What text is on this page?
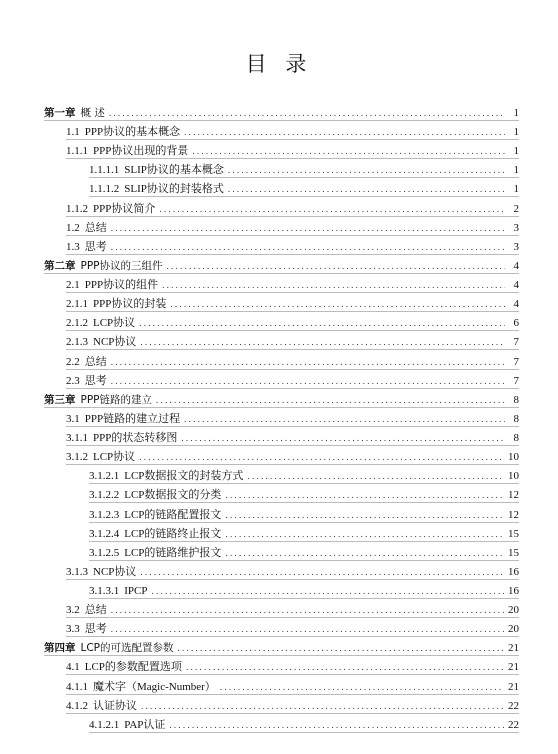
目 录
第一章 概 述 . . .	1
1.1 PPP协议的基本概念 . . .	1
1.1.1 PPP协议出现的背景 . . .	1
1.1.1.1 SLIP协议的基本概念 . . .	1
1.1.1.2 SLIP协议的封装格式 . . .	1
1.1.2 PPP协议简介 . . .	2
1.2 总结 . . .	3
1.3 思考 . . .	3
第二章 PPP协议的三组件 . . .	4
2.1 PPP协议的组件 . . .	4
2.1.1 PPP协议的封装 . . .	4
2.1.2 LCP协议 . . .	6
2.1.3 NCP协议 . . .	7
2.2 总结 . . .	7
2.3 思考 . . .	7
第三章 PPP链路的建立 . . .	8
3.1 PPP链路的建立过程 . . .	8
3.1.1 PPP的状态转移图 . . .	8
3.1.2 LCP协议 . . .	10
3.1.2.1 LCP数据报文的封装方式 . . .	10
3.1.2.2 LCP数据报文的分类 . . .	12
3.1.2.3 LCP的链路配置报文 . . .	12
3.1.2.4 LCP的链路终止报文 . . .	15
3.1.2.5 LCP的链路维护报文 . . .	15
3.1.3 NCP协议 . . .	16
3.1.3.1 IPCP . . .	16
3.2 总结 . . .	20
3.3 思考 . . .	20
第四章 LCP的可选配置参数 . . .	21
4.1 LCP的参数配置选项 . . .	21
4.1.1 魔术字（Magic-Number） . . .	21
4.1.2 认证协议 . . .	22
4.1.2.1 PAP认证 . . .	22
